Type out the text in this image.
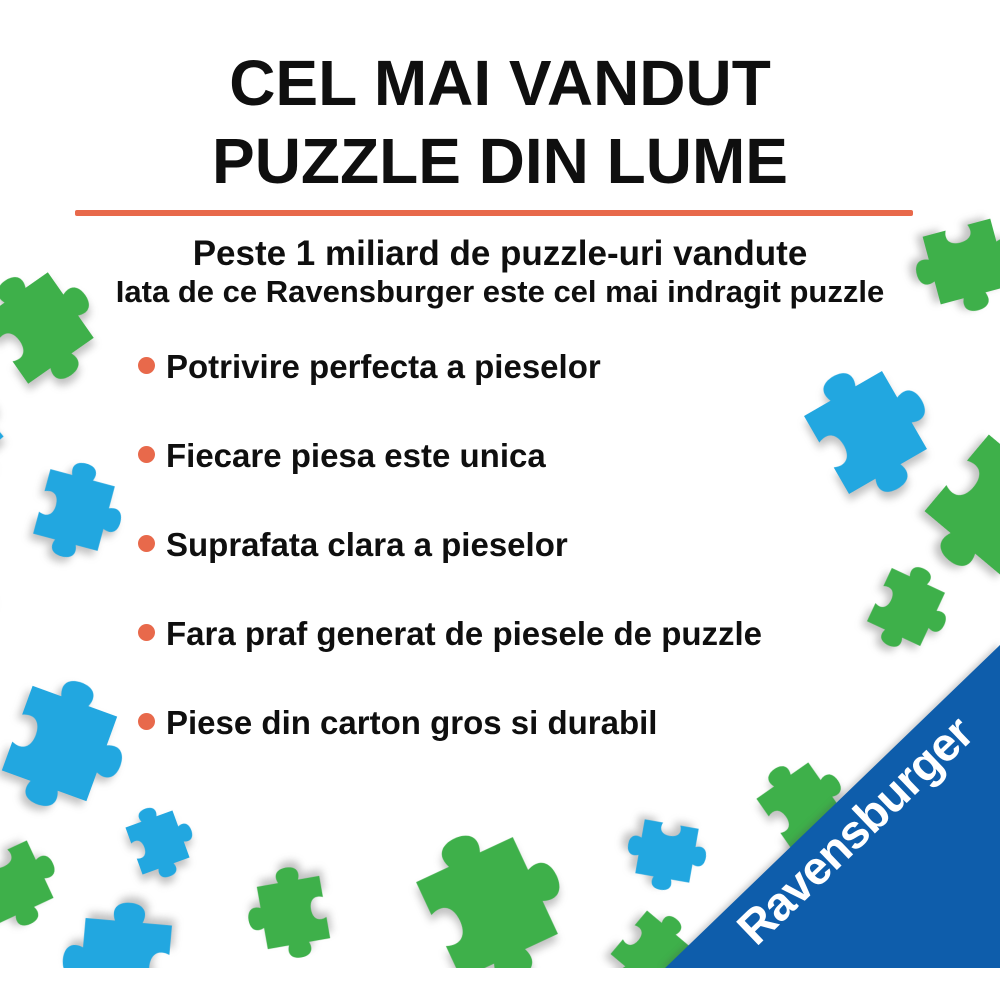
CEL MAI VANDUT
PUZZLE DIN LUME
Peste 1 miliard de puzzle-uri vandute
Iata de ce Ravensburger este cel mai indragit puzzle
Potrivire perfecta a pieselor
Fiecare piesa este unica
Suprafata clara a pieselor
Fara praf generat de piesele de puzzle
Piese din carton gros si durabil Ravensburger
